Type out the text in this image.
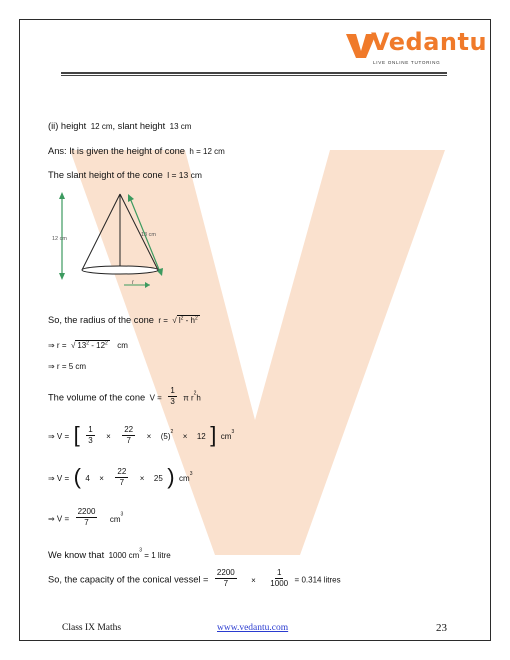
Vedantu
LIVE ONLINE TUTORING
(ii) height 12 cm, slant height 13 cm
Ans: It is given the height of cone h = 12 cm
The slant height of the cone l = 13 cm
12 cm
13 cm
r
So, the radius of the cone r = √ $l^2 - h^2$
⇒ r = √ $13^2 - 12^2$ cm
⇒ r = 5 cm
The volume of the cone $V = \frac{1}{3}$ π $r^2h$
⇒ V = [ $\frac{1}{3} \times \frac{22}{7} \times (5)^2 \times 12$ ] $cm^3$
⇒ V = ( $4 \times \frac{22}{7} \times 25$ ) $cm^3$
⇒ $V = \frac{2200}{7} cm^3$
We know that 1000 $cm^3 = 1$ litre
So, the capacity of the conical vessel = $\frac{2200}{7} \times \frac{1}{1000} = 0.314$ litres
Class IX Maths	www.vedantu.com	23
